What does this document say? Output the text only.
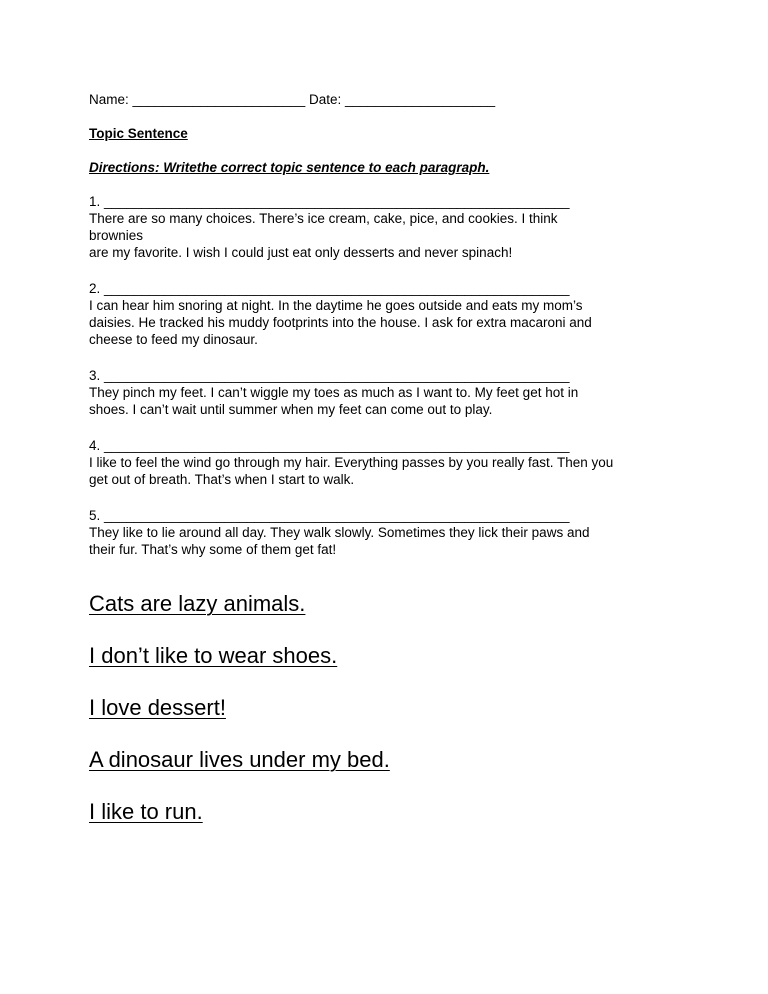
Name: _______________________ Date: ____________________
Topic Sentence
Directions: Writethe correct topic sentence to each paragraph.
1. ______________________________________________________________
There are so many choices. There’s ice cream, cake, pice, and cookies. I think
brownies
are my favorite. I wish I could just eat only desserts and never spinach!
2. ______________________________________________________________
I can hear him snoring at night. In the daytime he goes outside and eats my mom’s
daisies. He tracked his muddy footprints into the house. I ask for extra macaroni and
cheese to feed my dinosaur.
3. ______________________________________________________________
They pinch my feet. I can’t wiggle my toes as much as I want to. My feet get hot in
shoes. I can’t wait until summer when my feet can come out to play.
4. ______________________________________________________________
I like to feel the wind go through my hair. Everything passes by you really fast. Then you
get out of breath. That’s when I start to walk.
5. ______________________________________________________________
They like to lie around all day. They walk slowly. Sometimes they lick their paws and
their fur. That’s why some of them get fat!
Cats are lazy animals.
I don’t like to wear shoes.
I love dessert!
A dinosaur lives under my bed.
I like to run.
